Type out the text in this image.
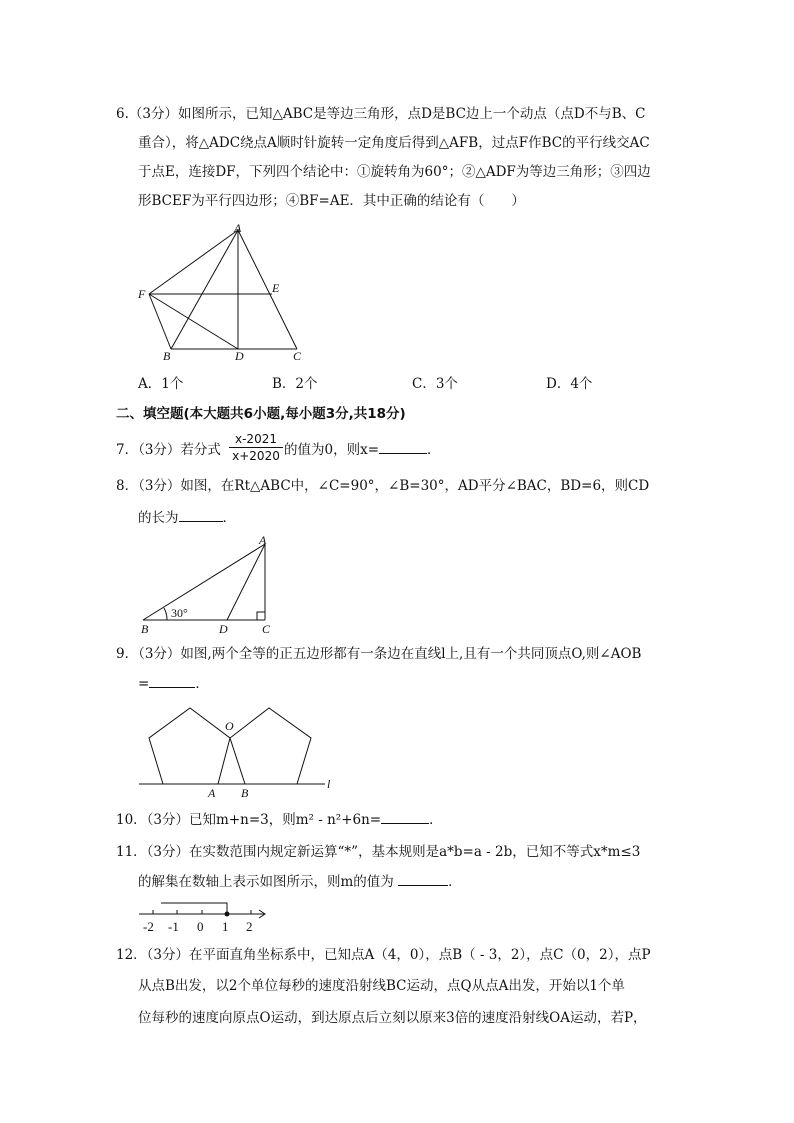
6.（3分）如图所示，已知△ABC是等边三角形，点D是BC边上一个动点（点D不与B、C
重合），将△ADC绕点A顺时针旋转一定角度后得到△AFB，过点F作BC的平行线交AC
于点E，连接DF，下列四个结论中：①旋转角为60°；②△ADF为等边三角形；③四边
形BCEF为平行四边形；④BF=AE．其中正确的结论有（　　）
A
E
F
B	D	C
A．1个	B．2个	C．3个	D．4个
二、填空题(本大题共6小题,每小题3分,共18分)
7．（3分）若分式 $\frac{x-2021}{x+2020}$ 的值为0，则x=	．
8．（3分）如图，在Rt△ABC中，∠C=90°，∠B=30°，AD平分∠BAC，BD=6，则CD
的长为	．
A
B	D	C
30°
9．（3分）如图,两个全等的正五边形都有一条边在直线l上,且有一个共同顶点O,则∠AOB
=	．
O
A B
l
10．（3分）已知m+n=3，则m² - n²+6n=	．
11．（3分）在实数范围内规定新运算“*”，基本规则是a*b=a - 2b，已知不等式x*m≤3
的解集在数轴上表示如图所示，则m的值为	．
-2 -1 0 1 2
12．（3分）在平面直角坐标系中，已知点A（4，0），点B（ - 3，2），点C（0，2），点P
从点B出发，以2个单位每秒的速度沿射线BC运动，点Q从点A出发，开始以1个单
位每秒的速度向原点O运动，到达原点后立刻以原来3倍的速度沿射线OA运动，若P，
